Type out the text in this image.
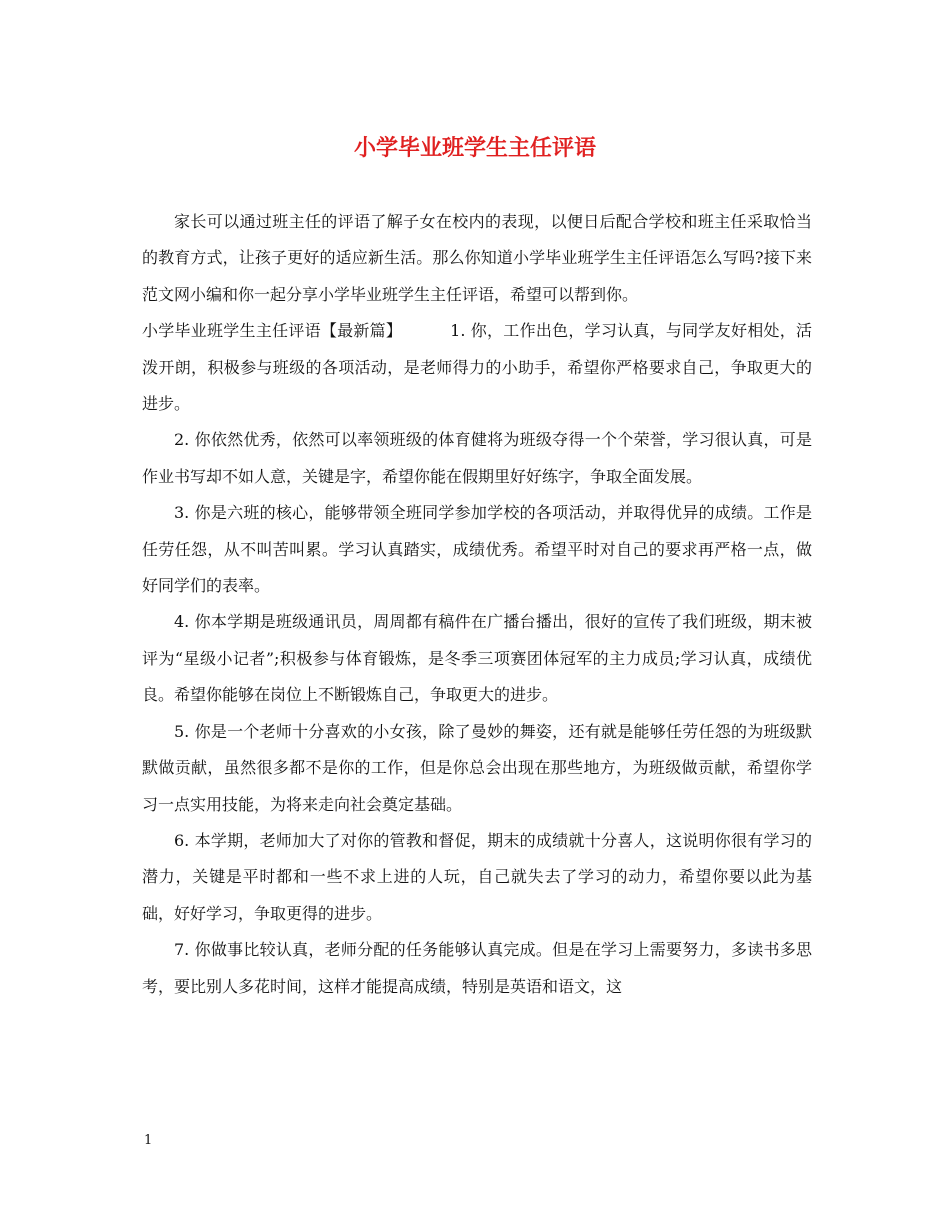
小学毕业班学生主任评语

家长可以通过班主任的评语了解子女在校内的表现，以便日后配合学校和班主任采取恰当的教育方式，让孩子更好的适应新生活。那么你知道小学毕业班学生主任评语怎么写吗?接下来范文网小编和你一起分享小学毕业班学生主任评语，希望可以帮到你。

小学毕业班学生主任评语【最新篇】	1. 你，工作出色，学习认真，与同学友好相处，活泼开朗，积极参与班级的各项活动，是老师得力的小助手，希望你严格要求自己，争取更大的进步。

2. 你依然优秀，依然可以率领班级的体育健将为班级夺得一个个荣誉，学习很认真，可是作业书写却不如人意，关键是字，希望你能在假期里好好练字，争取全面发展。

3. 你是六班的核心，能够带领全班同学参加学校的各项活动，并取得优异的成绩。工作是任劳任怨，从不叫苦叫累。学习认真踏实，成绩优秀。希望平时对自己的要求再严格一点，做好同学们的表率。

4. 你本学期是班级通讯员，周周都有稿件在广播台播出，很好的宣传了我们班级，期末被评为“星级小记者”;积极参与体育锻炼，是冬季三项赛团体冠军的主力成员;学习认真，成绩优良。希望你能够在岗位上不断锻炼自己，争取更大的进步。

5. 你是一个老师十分喜欢的小女孩，除了曼妙的舞姿，还有就是能够任劳任怨的为班级默默做贡献，虽然很多都不是你的工作，但是你总会出现在那些地方，为班级做贡献，希望你学习一点实用技能，为将来走向社会奠定基础。

6. 本学期，老师加大了对你的管教和督促，期末的成绩就十分喜人，这说明你很有学习的潜力，关键是平时都和一些不求上进的人玩，自己就失去了学习的动力，希望你要以此为基础，好好学习，争取更得的进步。

7. 你做事比较认真，老师分配的任务能够认真完成。但是在学习上需要努力，多读书多思考，要比别人多花时间，这样才能提高成绩，特别是英语和语文，这

1
